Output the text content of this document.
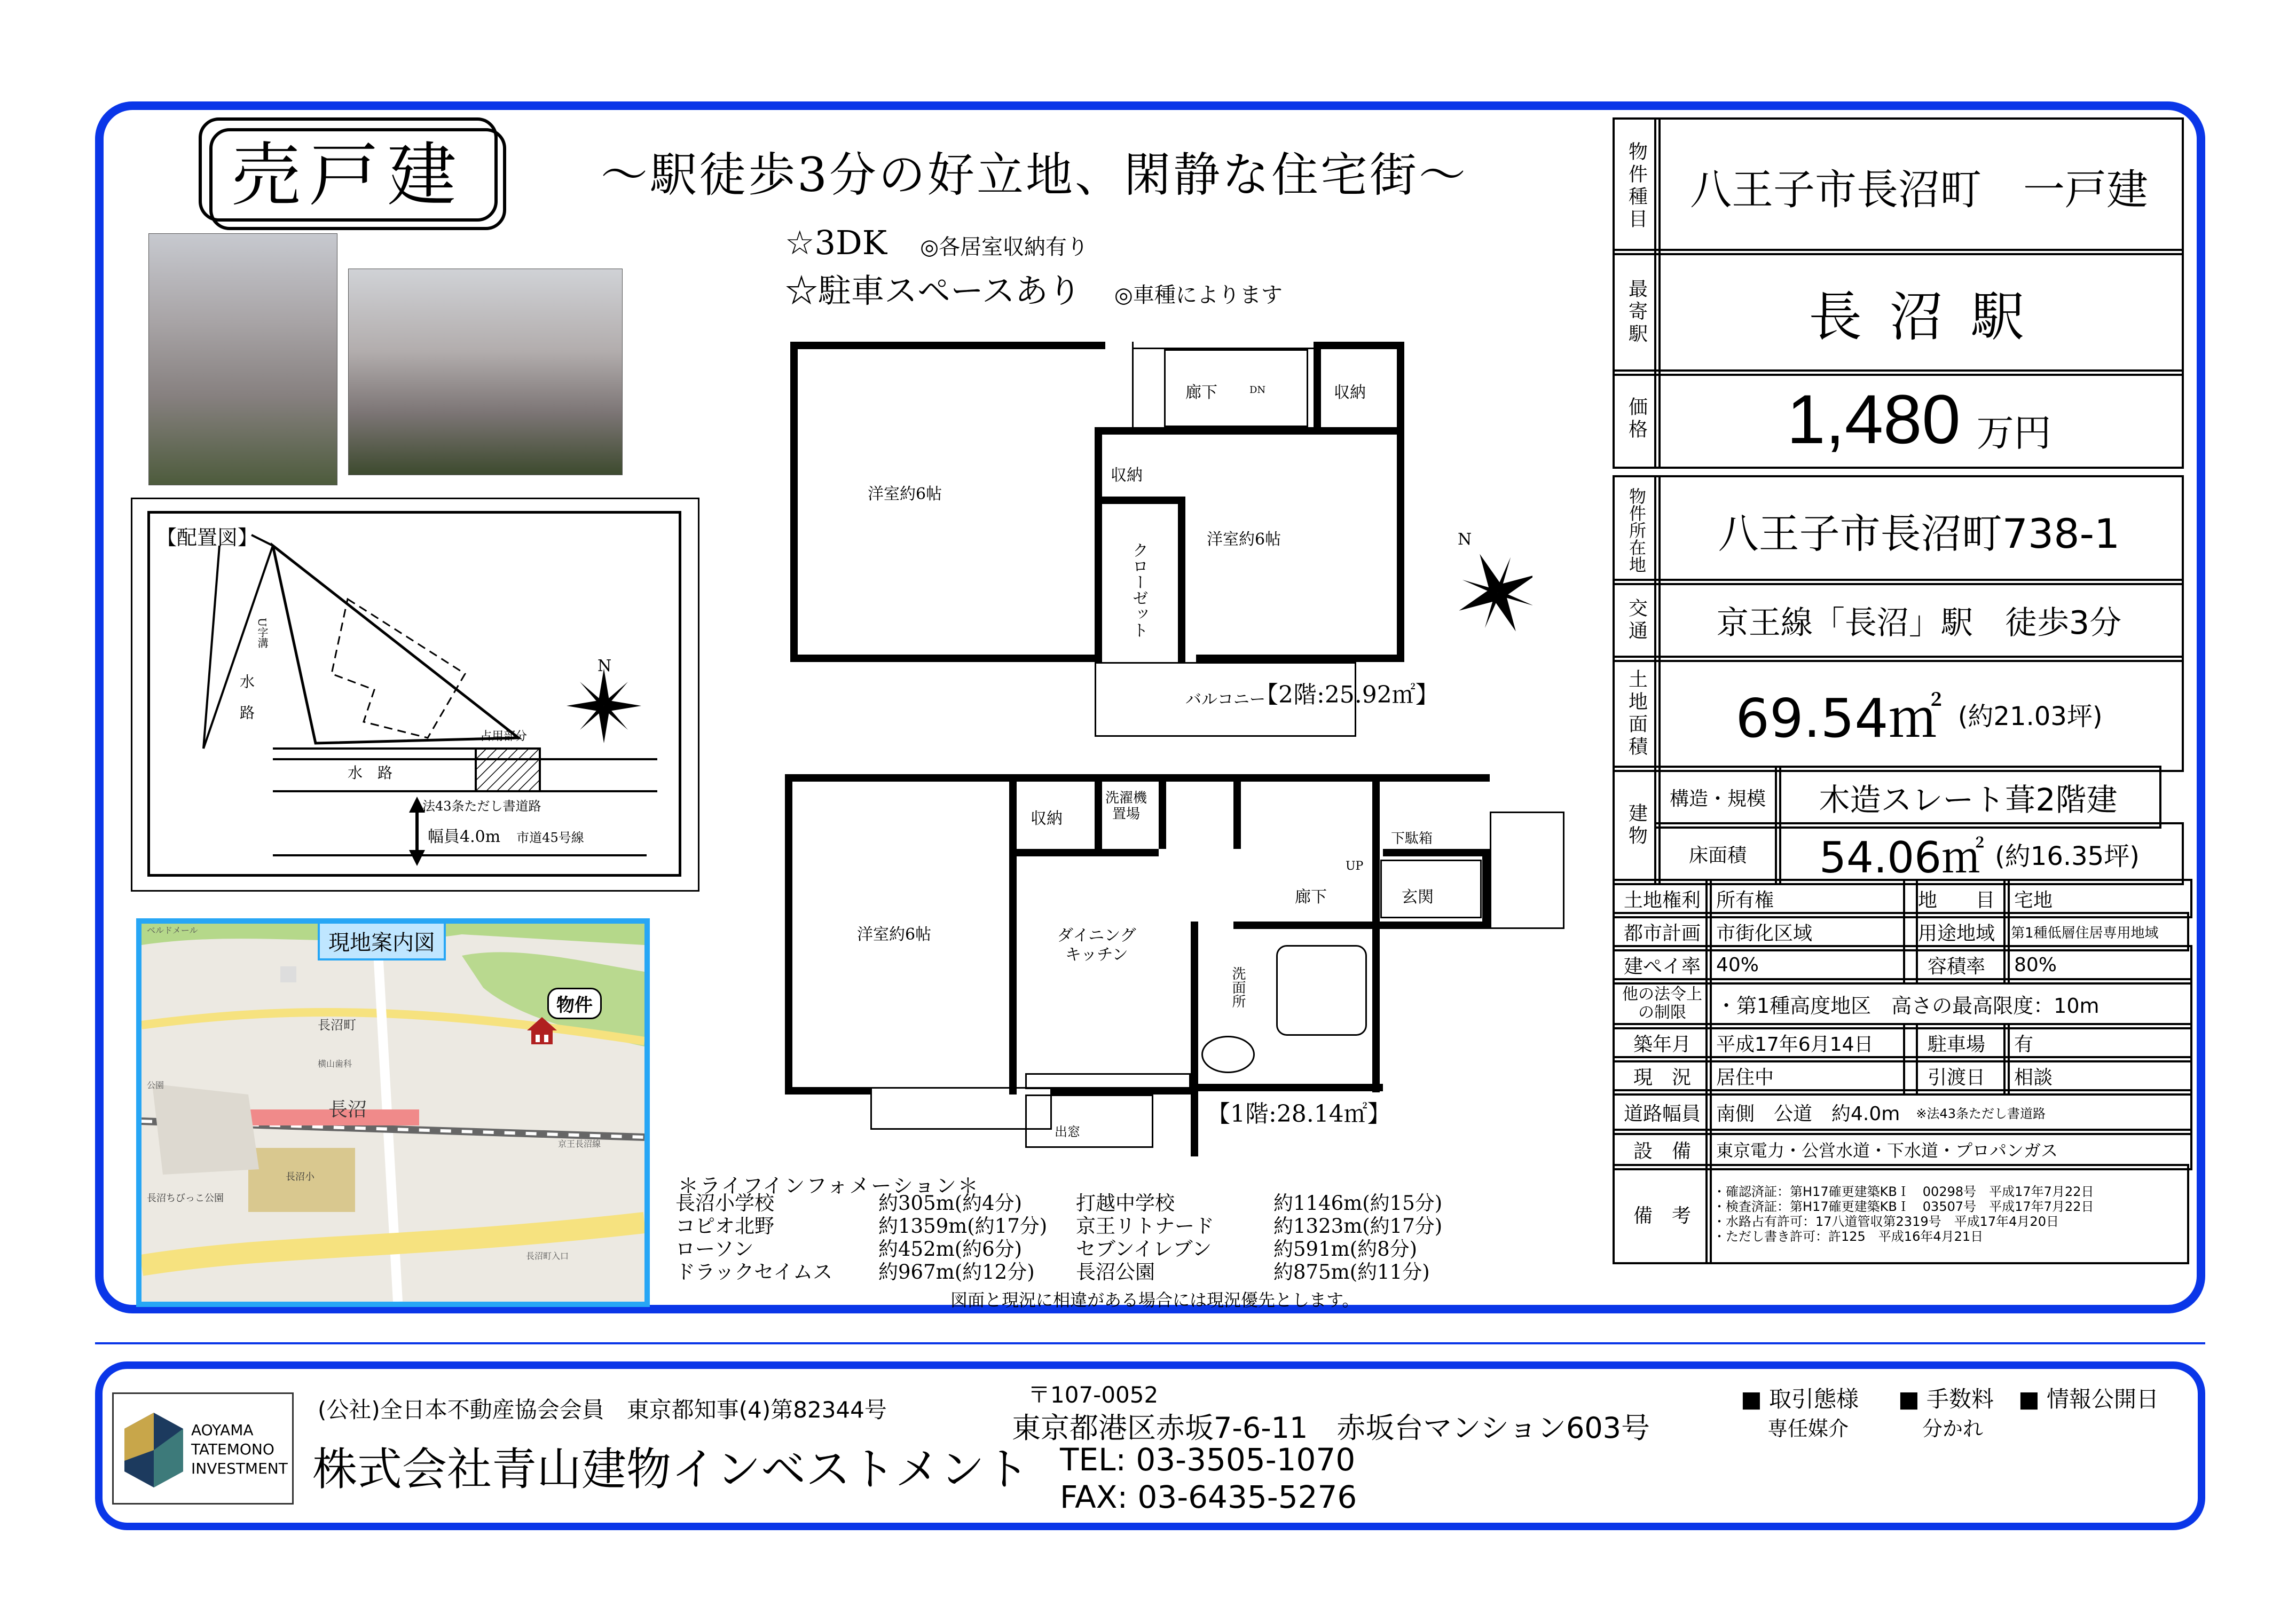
売戸建	〜駅徒歩3分の好立地、閑静な住宅街〜
☆3DK　 ◎各居室収納有り
☆駐車スペースあり　 ◎車種によります
【配置図】
N
U字溝
水路
水　路
占用部分
法43条ただし書道路
幅員4.0m　 市道45号線
現地案内図
物件
長沼
長沼町
ベルドメール
横山歯科
公園
京王長沼線
長沼小
長沼ちびっこ公園
長沼町入口
洋室約6帖
洋室約6帖
廊下	収納
収納
クローゼット
バルコニー
DN
【2階:25.92㎡】
N
洋室約6帖	ダイニング
キッチン
収納
洗濯機
置場
廊下	玄関
下駄箱
洗面所
出窓
UP
【1階:28.14㎡】
＊ライフインフォメーション＊
長沼小学校	約305m(約4分)	打越中学校	約1146m(約15分)
コピオ北野	約1359m(約17分)	京王リトナード	約1323m(約17分)
ローソン	約452m(約6分)	セブンイレブン	約591m(約8分)
ドラックセイムス	約967m(約12分)	長沼公園	約875m(約11分)
図面と現況に相違がある場合には現況優先とします。
物件種目	八王子市長沼町　一戸建
最寄駅	長 沼 駅
価格 1,480 万円
物件所在地	八王子市長沼町738-1
交通	京王線「長沼」駅　徒歩3分
土地面積 69.54㎡ (約21.03坪)
建物
構造・規模	木造スレート葺2階建
床面積	54.06㎡ (約16.35坪)
土地権利 所有権	地　　目	宅地
都市計画 市街化区域	用途地域	第1種低層住居専用地域
建ぺイ率 40%	容積率	80%
他の法令上の制限	・第1種高度地区　高さの最高限度：10m
築年月	平成17年6月14日	駐車場	有
現　況	居住中	引渡日	相談
道路幅員 南側　公道　約4.0m ※法43条ただし書道路
設　備	東京電力・公営水道・下水道・プロパンガス
備　考
・確認済証：第H17確更建築KBＩ　00298号　平成17年7月22日
・検査済証：第H17確更建築KBＩ　03507号　平成17年7月22日
・水路占有許可：17八道管収第2319号　平成17年4月20日
・ただし書き許可：許125　平成16年4月21日
AOYAMA
TATEMONO
INVESTMENT
(公社)全日本不動産協会会員　東京都知事(4)第82344号
株式会社青山建物インベストメント
〒107-0052
東京都港区赤坂7-6-11　赤坂台マンション603号
TEL: 03-3505-1070
FAX: 03-6435-5276
■ 取引態様
専任媒介
■ 手数料
分かれ
■ 情報公開日
